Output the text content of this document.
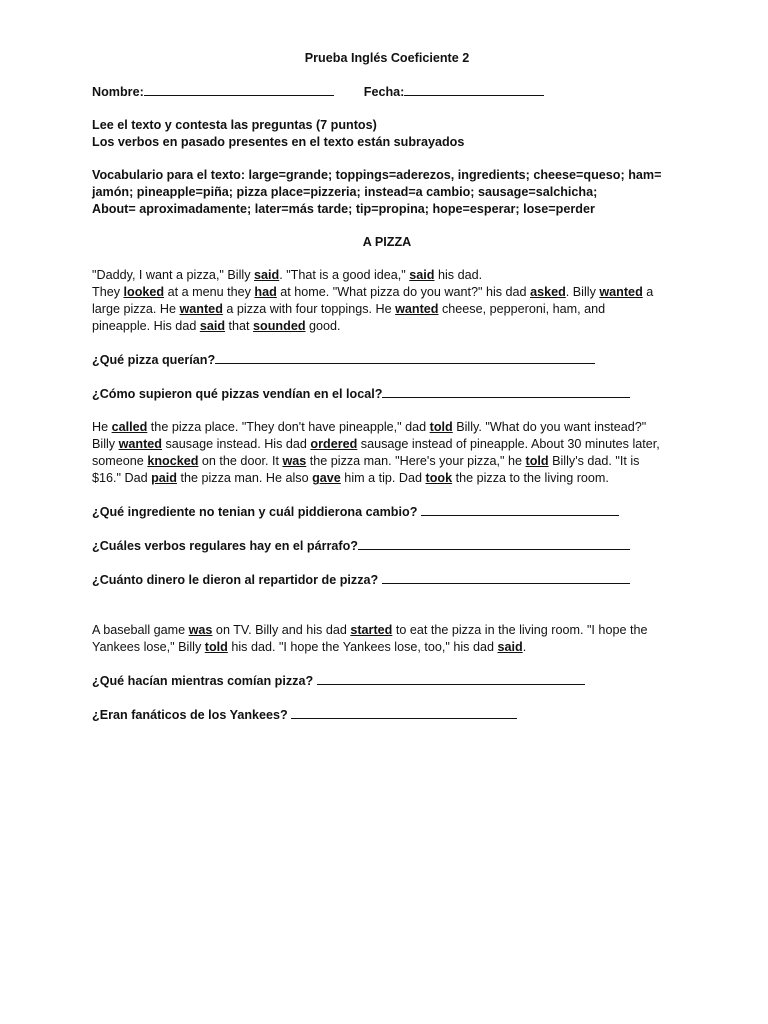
Prueba Inglés Coeficiente 2
Nombre:	Fecha:
Lee el texto y contesta las preguntas (7 puntos)
Los verbos en pasado presentes en el texto están subrayados
Vocabulario para el texto: large=grande; toppings=aderezos, ingredients; cheese=queso; ham=
jamón; pineapple=piña; pizza place=pizzeria; instead=a cambio; sausage=salchicha;
About= aproximadamente; later=más tarde; tip=propina; hope=esperar; lose=perder
A PIZZA
"Daddy, I want a pizza," Billy said. "That is a good idea," said his dad.
They looked at a menu they had at home. "What pizza do you want?" his dad asked. Billy wanted a
large pizza. He wanted a pizza with four toppings. He wanted cheese, pepperoni, ham, and
pineapple. His dad said that sounded good.
¿Qué pizza querían?
¿Cómo supieron qué pizzas vendían en el local?
He called the pizza place. "They don't have pineapple," dad told Billy. "What do you want instead?"
Billy wanted sausage instead. His dad ordered sausage instead of pineapple. About 30 minutes later,
someone knocked on the door. It was the pizza man. "Here's your pizza," he told Billy's dad. "It is
$16." Dad paid the pizza man. He also gave him a tip. Dad took the pizza to the living room.
¿Qué ingrediente no tenian y cuál piddierona cambio?
¿Cuáles verbos regulares hay en el párrafo?
¿Cuánto dinero le dieron al repartidor de pizza?
A baseball game was on TV. Billy and his dad started to eat the pizza in the living room. "I hope the
Yankees lose," Billy told his dad. "I hope the Yankees lose, too," his dad said.
¿Qué hacían mientras comían pizza?
¿Eran fanáticos de los Yankees?
